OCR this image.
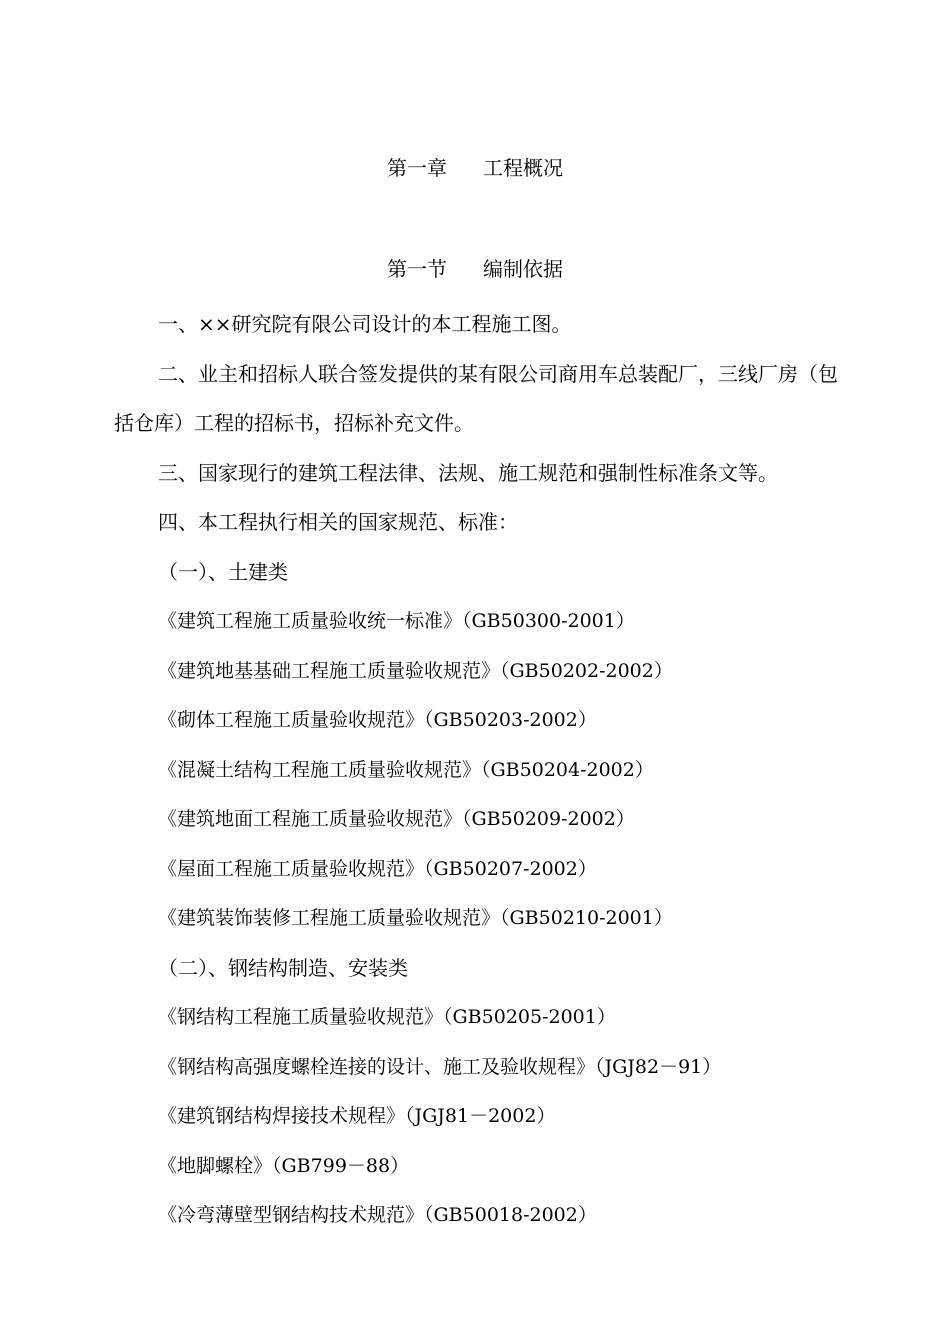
第一章 工程概况
第一节 编制依据

一、××研究院有限公司设计的本工程施工图。

二、业主和招标人联合签发提供的某有限公司商用车总装配厂，三线厂房（包括仓库）工程的招标书，招标补充文件。

三、国家现行的建筑工程法律、法规、施工规范和强制性标准条文等。

四、本工程执行相关的国家规范、标准：

（一）、土建类

《建筑工程施工质量验收统一标准》（GB50300-2001）

《建筑地基基础工程施工质量验收规范》（GB50202-2002）

《砌体工程施工质量验收规范》（GB50203-2002）

《混凝土结构工程施工质量验收规范》（GB50204-2002）

《建筑地面工程施工质量验收规范》（GB50209-2002）

《屋面工程施工质量验收规范》（GB50207-2002）

《建筑装饰装修工程施工质量验收规范》（GB50210-2001）

（二）、钢结构制造、安装类

《钢结构工程施工质量验收规范》（GB50205-2001）

《钢结构高强度螺栓连接的设计、施工及验收规程》（JGJ82－91）

《建筑钢结构焊接技术规程》（JGJ81－2002）

《地脚螺栓》（GB799－88）

《冷弯薄壁型钢结构技术规范》（GB50018-2002）
